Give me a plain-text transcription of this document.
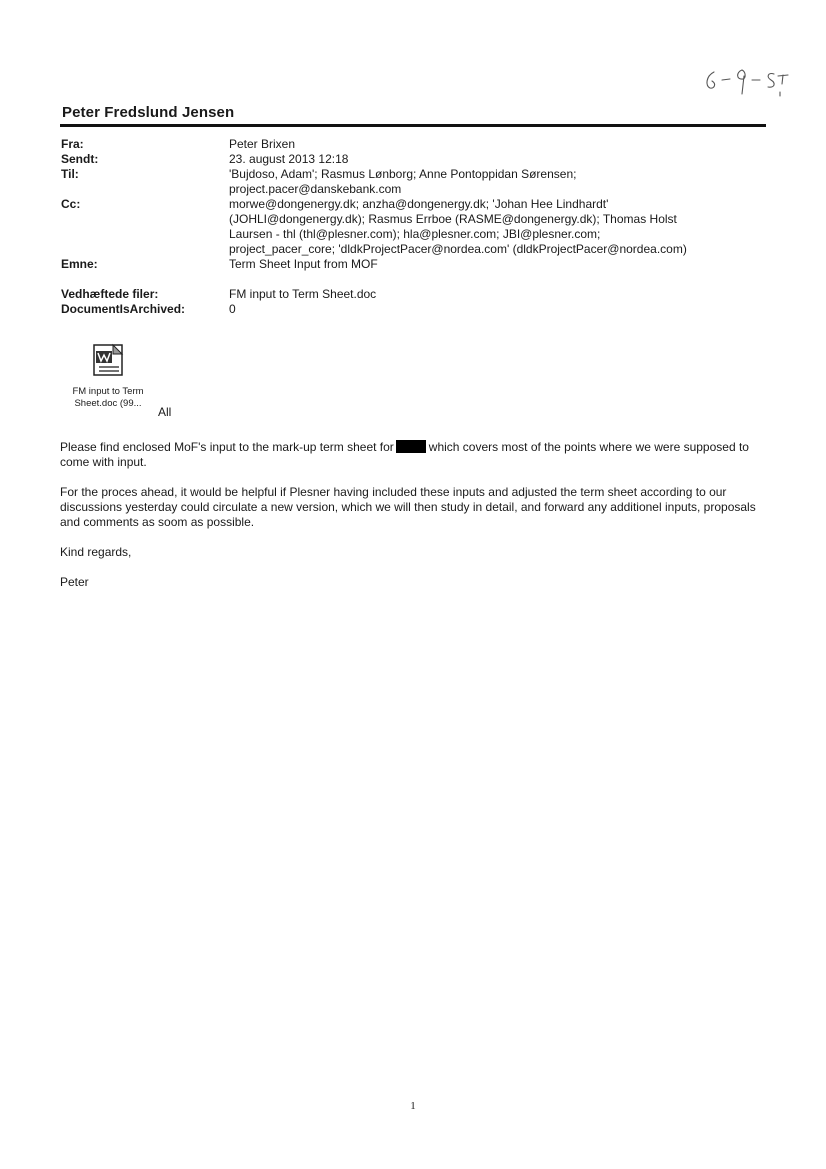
Peter Fredslund Jensen
Fra:	Peter Brixen
Sendt:	23. august 2013 12:18
Til:	'Bujdoso, Adam'; Rasmus Lønborg; Anne Pontoppidan Sørensen;
project.pacer@danskebank.com
Cc:	morwe@dongenergy.dk; anzha@dongenergy.dk; 'Johan Hee Lindhardt'
(JOHLI@dongenergy.dk); Rasmus Errboe (RASME@dongenergy.dk); Thomas Holst
Laursen - thl (thl@plesner.com); hla@plesner.com; JBI@plesner.com;
project_pacer_core; 'dldkProjectPacer@nordea.com' (dldkProjectPacer@nordea.com)
Emne:	Term Sheet Input from MOF
Vedhæftede filer:	FM input to Term Sheet.doc
DocumentIsArchived:	0
FM input to Term
Sheet.doc (99...
All

Please find enclosed MoF's input to the mark-up term sheet for	which covers most of the points where we were supposed to come with input.

For the proces ahead, it would be helpful if Plesner having included these inputs and adjusted the term sheet according to our discussions yesterday could circulate a new version, which we will then study in detail, and forward any additionel inputs, proposals and comments as soom as possible.

Kind regards,

Peter

1
